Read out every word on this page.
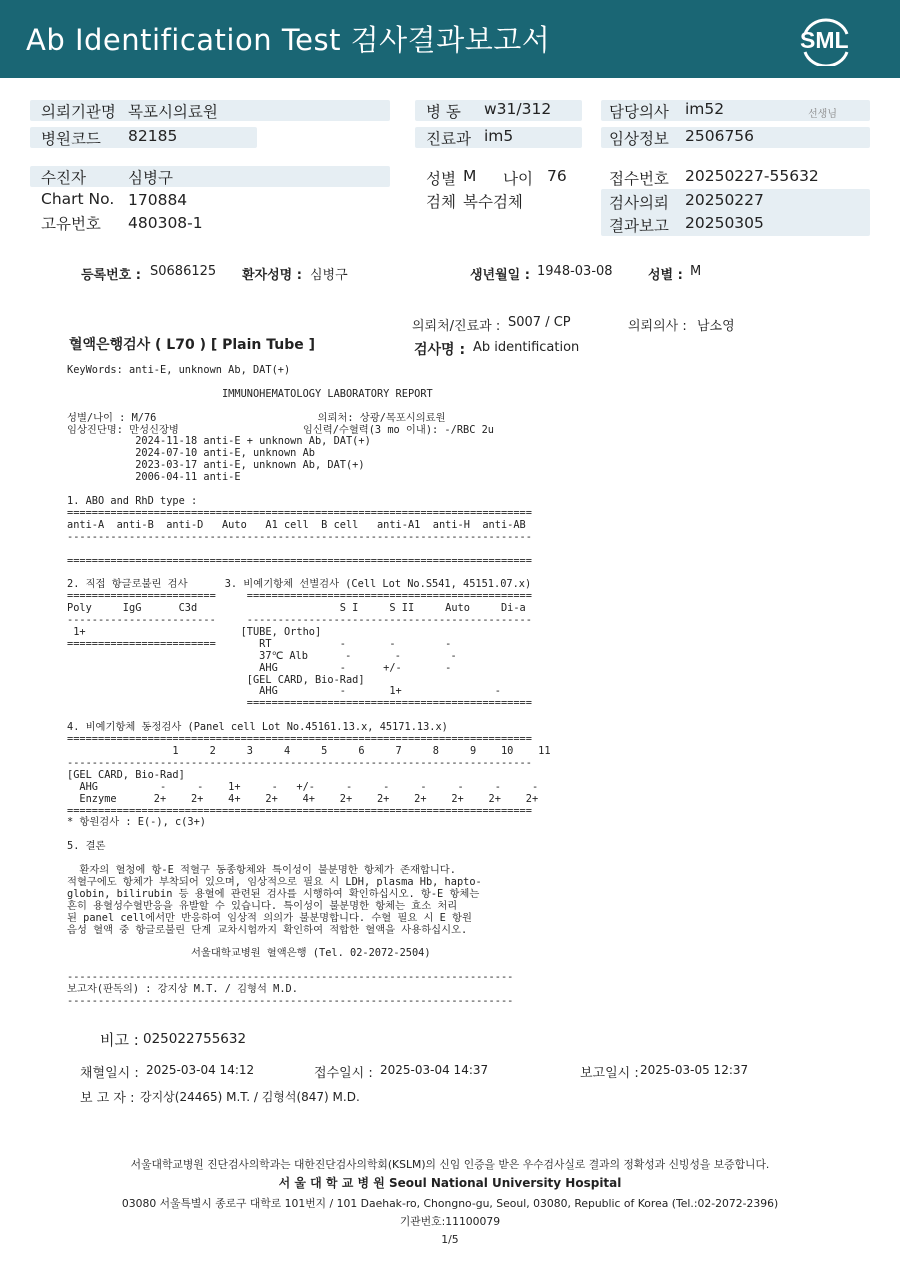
Ab Identification Test 검사결과보고서	SML
의뢰기관명 목포시의료원
병원코드 82185
수진자	심병구
Chart No. 170884
고유번호 480308-1
병 동 w31/312
진료과 im5
성별 M 나이 76
검체 복수검체
담당의사 im52	선생님
임상정보 2506756
접수번호 20250227-55632
검사의뢰 20250227
결과보고 20250305
등록번호 : S0686125 환자성명 : 심병구	생년월일 : 1948-03-08	성별 : M
의뢰처/진료과 : S007 / CP	의뢰의사 : 남소영
혈액은행검사 ( L70 ) [ Plain Tube ]	검사명 : Ab identification
KeyWords: anti-E, unknown Ab, DAT(+)

IMMUNOHEMATOLOGY LABORATORY REPORT

성별/나이 : M/76                          의뢰처: 상광/목포시의료원
임상진단명: 만성신장병                    임신력/수혈력(3 mo 이내): -/RBC 2u
2024-11-18 anti-E + unknown Ab, DAT(+)
2024-07-10 anti-E, unknown Ab
2023-03-17 anti-E, unknown Ab, DAT(+)
2006-04-11 anti-E

1. ABO and RhD type :
===========================================================================
anti-A  anti-B  anti-D   Auto   A1 cell  B cell   anti-A1  anti-H  anti-AB
---------------------------------------------------------------------------

===========================================================================

2. 직접 항글로불린 검사      3. 비예기항체 선별검사 (Cell Lot No.S541, 45151.07.x)
========================     ==============================================
Poly     IgG      C3d                       S I     S II     Auto     Di-a
------------------------     ----------------------------------------------
1+                         [TUBE, Ortho]
========================       RT           -       -        -
37℃ Alb      -       -        -
AHG          -      +/-       -
[GEL CARD, Bio-Rad]
AHG          -       1+               -
==============================================

4. 비예기항체 동정검사 (Panel cell Lot No.45161.13.x, 45171.13.x)
===========================================================================
1     2     3     4     5     6     7     8     9    10    11
---------------------------------------------------------------------------
[GEL CARD, Bio-Rad]
AHG          -     -    1+     -   +/-     -     -     -     -     -     -
Enzyme      2+    2+    4+    2+    4+    2+    2+    2+    2+    2+    2+
===========================================================================
* 항원검사 : E(-), c(3+)

5. 결론

환자의 혈청에 항-E 적혈구 동종항체와 특이성이 불분명한 항체가 존재합니다.
적혈구에도 항체가 부착되어 있으며, 임상적으로 필요 시 LDH, plasma Hb, hapto-
globin, bilirubin 등 용혈에 관련된 검사를 시행하여 확인하십시오. 항-E 항체는
흔히 용혈성수혈반응을 유발할 수 있습니다. 특이성이 불분명한 항체는 효소 처리
된 panel cell에서만 반응하여 임상적 의의가 불분명합니다. 수혈 필요 시 E 항원
음성 혈액 중 항글로불린 단계 교차시험까지 확인하여 적합한 혈액을 사용하십시오.

서울대학교병원 혈액은행 (Tel. 02-2072-2504)

------------------------------------------------------------------------
보고자(판독의) : 강지상 M.T. / 김형석 M.D.
------------------------------------------------------------------------
비고 : 025022755632
채혈일시 : 2025-03-04 14:12	접수일시 : 2025-03-04 14:37	보고일시 : 2025-03-05 12:37
보 고 자 : 강지상(24465) M.T. / 김형석(847) M.D.
서울대학교병원 진단검사의학과는 대한진단검사의학회(KSLM)의 신임 인증을 받은 우수검사실로 결과의 정확성과 신빙성을 보증합니다.
서 울 대 학 교 병 원 Seoul National University Hospital
03080 서울특별시 종로구 대학로 101번지 / 101 Daehak-ro, Chongno-gu, Seoul, 03080, Republic of Korea (Tel.:02-2072-2396)
기관번호:11100079
1/5
